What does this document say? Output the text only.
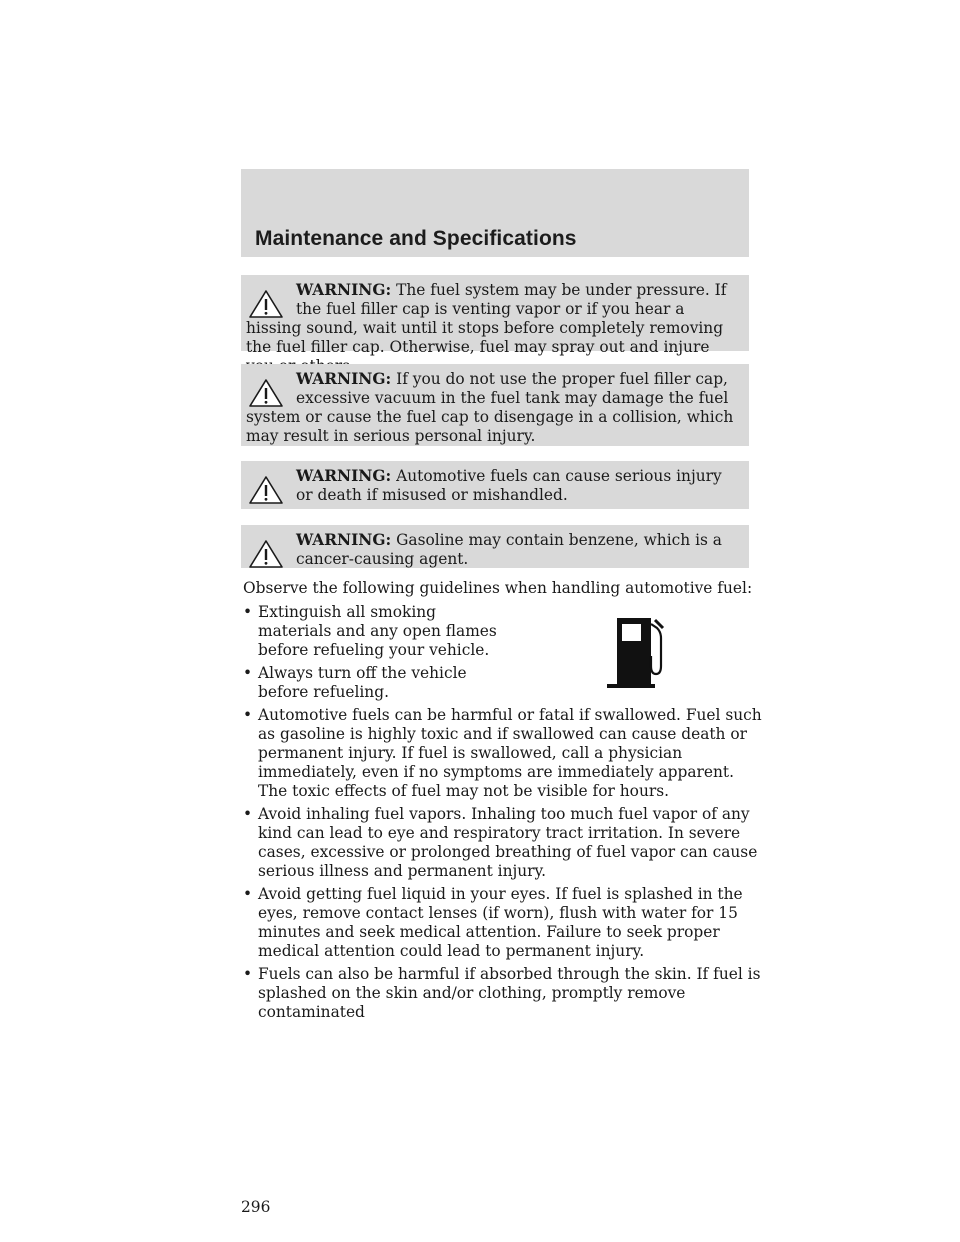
Maintenance and Specifications
WARNING: The fuel system may be under pressure. If the fuel filler cap is venting vapor or if you hear a hissing sound, wait until it stops before completely removing the fuel filler cap. Otherwise, fuel may spray out and injure
WARNING: If you do not use the proper fuel filler cap, excessive vacuum in the fuel tank may damage the fuel system or cause the fuel cap to disengage in a collision, which may result in serious personal injury.
WARNING: Automotive fuels can cause serious injury or death if misused or mishandled.
WARNING: Gasoline may contain benzene, which is a cancer-causing agent.
Observe the following guidelines when handling automotive fuel:
• Extinguish all smoking materials and any open flames before refueling your vehicle.
• Always turn off the vehicle before refueling.
• Automotive fuels can be harmful or fatal if swallowed. Fuel such as gasoline is highly toxic and if swallowed can cause death or permanent injury. If fuel is swallowed, call a physician immediately, even if no symptoms are immediately apparent. The toxic effects of fuel may not be visible for hours.
• Avoid inhaling fuel vapors. Inhaling too much fuel vapor of any kind can lead to eye and respiratory tract irritation. In severe cases, excessive or prolonged breathing of fuel vapor can cause serious illness and permanent injury.
• Avoid getting fuel liquid in your eyes. If fuel is splashed in the eyes, remove contact lenses (if worn), flush with water for 15 minutes and seek medical attention. Failure to seek proper medical attention could lead to permanent injury.
• Fuels can also be harmful if absorbed through the skin. If fuel is splashed on the skin and/or clothing, promptly remove contaminated
296
